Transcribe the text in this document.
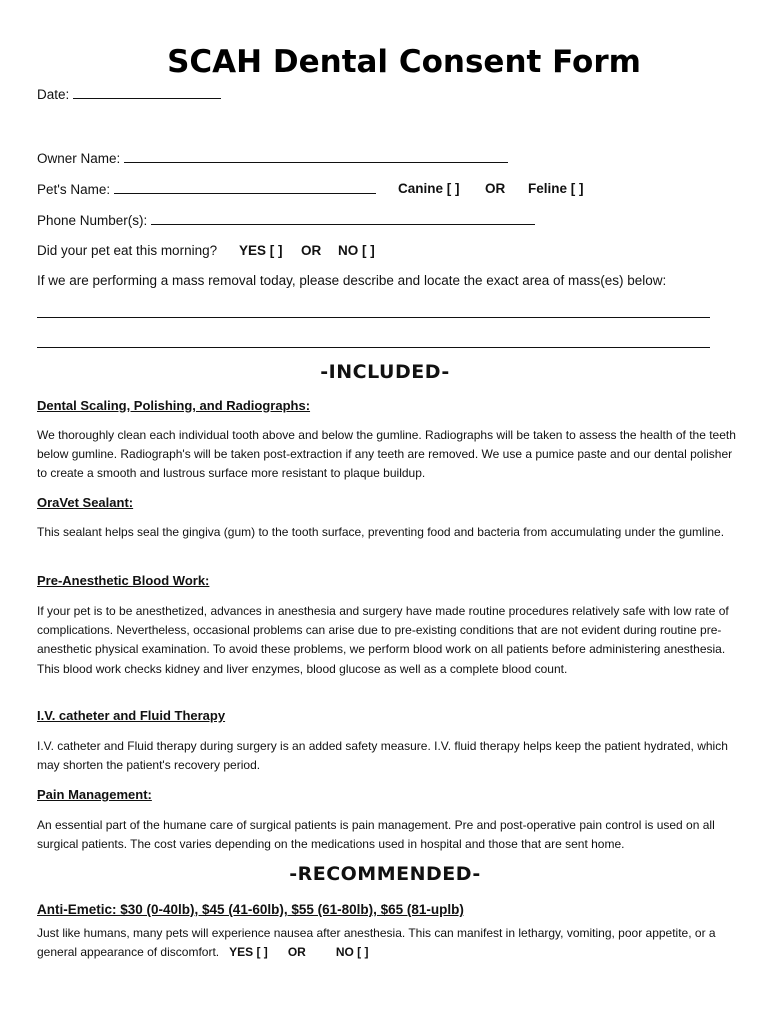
SCAH Dental Consent Form
Date:
Owner Name:
Pet's Name:	Canine [ ] OR Feline [ ]
Phone Number(s):
Did your pet eat this morning? YES [ ] OR NO [ ]
If we are performing a mass removal today, please describe and locate the exact area of mass(es) below:
-INCLUDED-
Dental Scaling, Polishing, and Radiographs:
We thoroughly clean each individual tooth above and below the gumline. Radiographs will be taken to assess the health of the teeth below gumline. Radiograph's will be taken post-extraction if any teeth are removed. We use a pumice paste and our dental polisher to create a smooth and lustrous surface more resistant to plaque buildup.
OraVet Sealant:
This sealant helps seal the gingiva (gum) to the tooth surface, preventing food and bacteria from accumulating under the gumline.
Pre-Anesthetic Blood Work:
If your pet is to be anesthetized, advances in anesthesia and surgery have made routine procedures relatively safe with low rate of complications. Nevertheless, occasional problems can arise due to pre-existing conditions that are not evident during routine pre-anesthetic physical examination. To avoid these problems, we perform blood work on all patients before administering anesthesia. This blood work checks kidney and liver enzymes, blood glucose as well as a complete blood count.
I.V. catheter and Fluid Therapy
I.V. catheter and Fluid therapy during surgery is an added safety measure. I.V. fluid therapy helps keep the patient hydrated, which may shorten the patient's recovery period.
Pain Management:
An essential part of the humane care of surgical patients is pain management. Pre and post-operative pain control is used on all surgical patients. The cost varies depending on the medications used in hospital and those that are sent home.
-RECOMMENDED-
Anti-Emetic: $30 (0-40lb), $45 (41-60lb), $55 (61-80lb), $65 (81-uplb)
Just like humans, many pets will experience nausea after anesthesia. This can manifest in lethargy, vomiting, poor appetite, or a general appearance of discomfort. YES [ ] OR	NO [ ]
